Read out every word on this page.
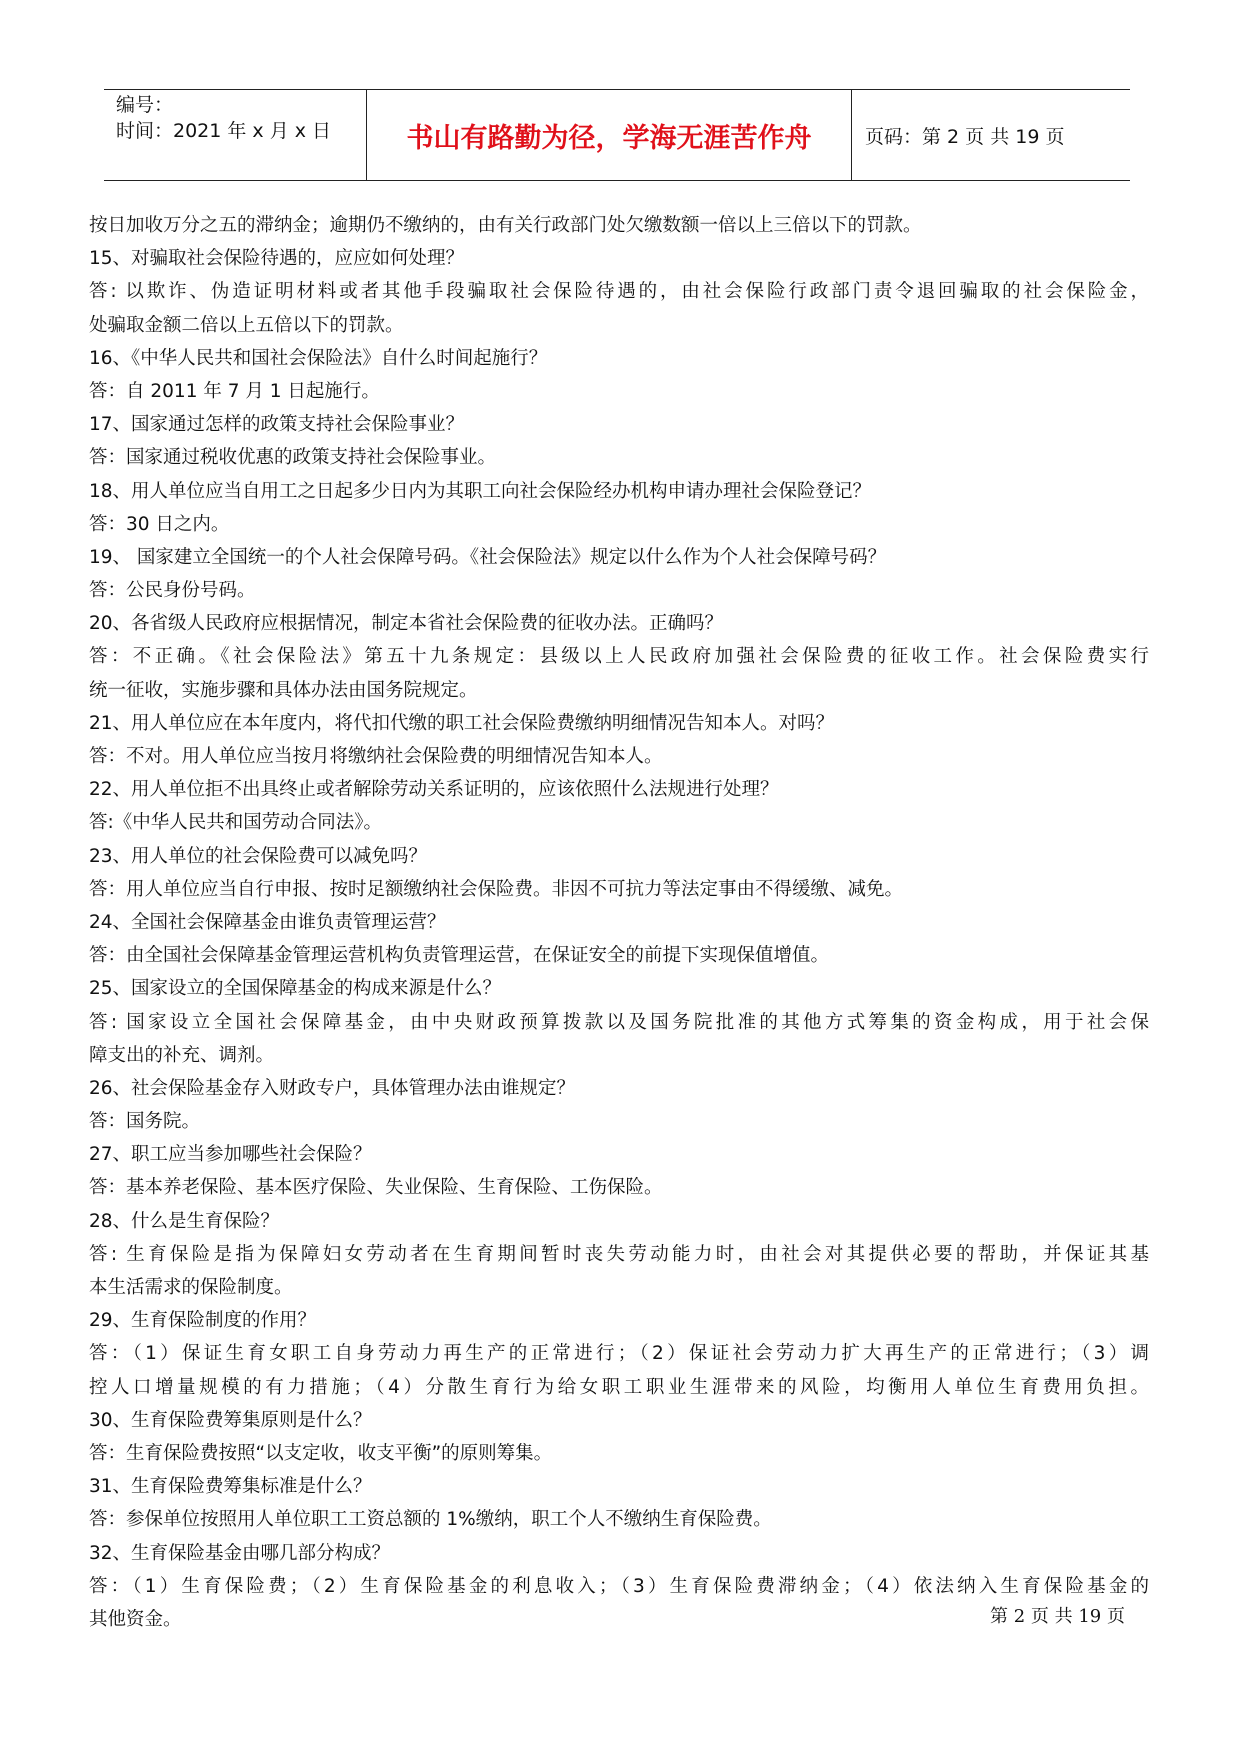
编号：
时间：2021 年 x 月 x 日	书山有路勤为径，学海无涯苦作舟	页码：第 2 页 共 19 页
按日加收万分之五的滞纳金；逾期仍不缴纳的，由有关行政部门处欠缴数额一倍以上三倍以下的罚款。
15、对骗取社会保险待遇的，应应如何处理？
答: 以欺诈、伪造证明材料或者其他手段骗取社会保险待遇的，由社会保险行政部门责令退回骗取的社会保险金，
处骗取金额二倍以上五倍以下的罚款。
16、《中华人民共和国社会保险法》自什么时间起施行？
答：自 2011 年 7 月 1 日起施行。
17、国家通过怎样的政策支持社会保险事业？
答：国家通过税收优惠的政策支持社会保险事业。
18、用人单位应当自用工之日起多少日内为其职工向社会保险经办机构申请办理社会保险登记？
答：30 日之内。
19、 国家建立全国统一的个人社会保障号码。《社会保险法》规定以什么作为个人社会保障号码？
答：公民身份号码。
20、各省级人民政府应根据情况，制定本省社会保险费的征收办法。正确吗？
答：不正确。《社会保险法》第五十九条规定：县级以上人民政府加强社会保险费的征收工作。社会保险费实行
统一征收，实施步骤和具体办法由国务院规定。
21、用人单位应在本年度内，将代扣代缴的职工社会保险费缴纳明细情况告知本人。对吗？
答：不对。用人单位应当按月将缴纳社会保险费的明细情况告知本人。
22、用人单位拒不出具终止或者解除劳动关系证明的，应该依照什么法规进行处理？
答:《中华人民共和国劳动合同法》。
23、用人单位的社会保险费可以减免吗？
答：用人单位应当自行申报、按时足额缴纳社会保险费。非因不可抗力等法定事由不得缓缴、减免。
24、全国社会保障基金由谁负责管理运营？
答：由全国社会保障基金管理运营机构负责管理运营，在保证安全的前提下实现保值增值。
25、国家设立的全国保障基金的构成来源是什么？
答: 国家设立全国社会保障基金，由中央财政预算拨款以及国务院批准的其他方式筹集的资金构成，用于社会保
障支出的补充、调剂。
26、社会保险基金存入财政专户，具体管理办法由谁规定？
答：国务院。
27、职工应当参加哪些社会保险？
答：基本养老保险、基本医疗保险、失业保险、生育保险、工伤保险。
28、什么是生育保险？
答: 生育保险是指为保障妇女劳动者在生育期间暂时丧失劳动能力时，由社会对其提供必要的帮助，并保证其基
本生活需求的保险制度。
29、生育保险制度的作用？
答：（1）保证生育女职工自身劳动力再生产的正常进行；（2）保证社会劳动力扩大再生产的正常进行；（3）调
控人口增量规模的有力措施；（4）分散生育行为给女职工职业生涯带来的风险，均衡用人单位生育费用负担。
30、生育保险费筹集原则是什么？
答：生育保险费按照“以支定收，收支平衡”的原则筹集。
31、生育保险费筹集标准是什么？
答：参保单位按照用人单位职工工资总额的 1%缴纳，职工个人不缴纳生育保险费。
32、生育保险基金由哪几部分构成？
答：（1）生育保险费；（2）生育保险基金的利息收入；（3）生育保险费滞纳金；（4）依法纳入生育保险基金的
其他资金。	第 2 页 共 19 页
